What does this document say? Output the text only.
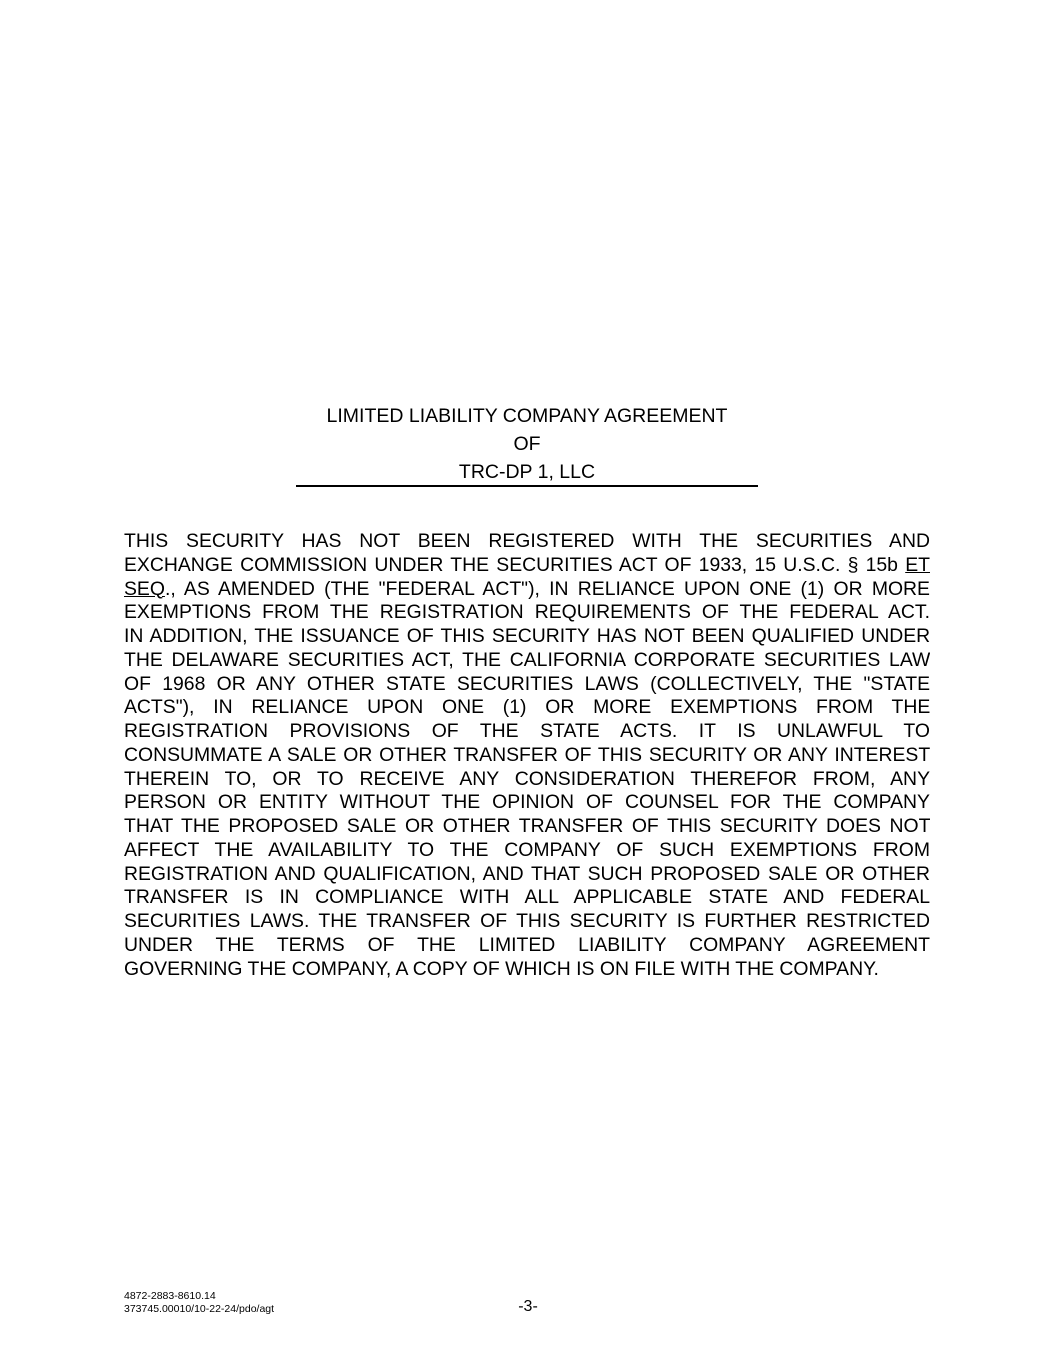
LIMITED LIABILITY COMPANY AGREEMENT
OF
TRC-DP 1, LLC
THIS SECURITY HAS NOT BEEN REGISTERED WITH THE SECURITIES AND
EXCHANGE COMMISSION UNDER THE SECURITIES ACT OF 1933, 15 U.S.C. § 15b ET
SEQ., AS AMENDED (THE "FEDERAL ACT"), IN RELIANCE UPON ONE (1) OR MORE
EXEMPTIONS FROM THE REGISTRATION REQUIREMENTS OF THE FEDERAL ACT.
IN ADDITION, THE ISSUANCE OF THIS SECURITY HAS NOT BEEN QUALIFIED UNDER
THE DELAWARE SECURITIES ACT, THE CALIFORNIA CORPORATE SECURITIES LAW
OF 1968 OR ANY OTHER STATE SECURITIES LAWS (COLLECTIVELY, THE "STATE
ACTS"), IN RELIANCE UPON ONE (1) OR MORE EXEMPTIONS FROM THE
REGISTRATION PROVISIONS OF THE STATE ACTS. IT IS UNLAWFUL TO
CONSUMMATE A SALE OR OTHER TRANSFER OF THIS SECURITY OR ANY INTEREST
THEREIN TO, OR TO RECEIVE ANY CONSIDERATION THEREFOR FROM, ANY
PERSON OR ENTITY WITHOUT THE OPINION OF COUNSEL FOR THE COMPANY
THAT THE PROPOSED SALE OR OTHER TRANSFER OF THIS SECURITY DOES NOT
AFFECT THE AVAILABILITY TO THE COMPANY OF SUCH EXEMPTIONS FROM
REGISTRATION AND QUALIFICATION, AND THAT SUCH PROPOSED SALE OR OTHER
TRANSFER IS IN COMPLIANCE WITH ALL APPLICABLE STATE AND FEDERAL
SECURITIES LAWS. THE TRANSFER OF THIS SECURITY IS FURTHER RESTRICTED
UNDER THE TERMS OF THE LIMITED LIABILITY COMPANY AGREEMENT
GOVERNING THE COMPANY, A COPY OF WHICH IS ON FILE WITH THE COMPANY.
4872-2883-8610.14
373745.00010/10-22-24/pdo/agt	-3-
